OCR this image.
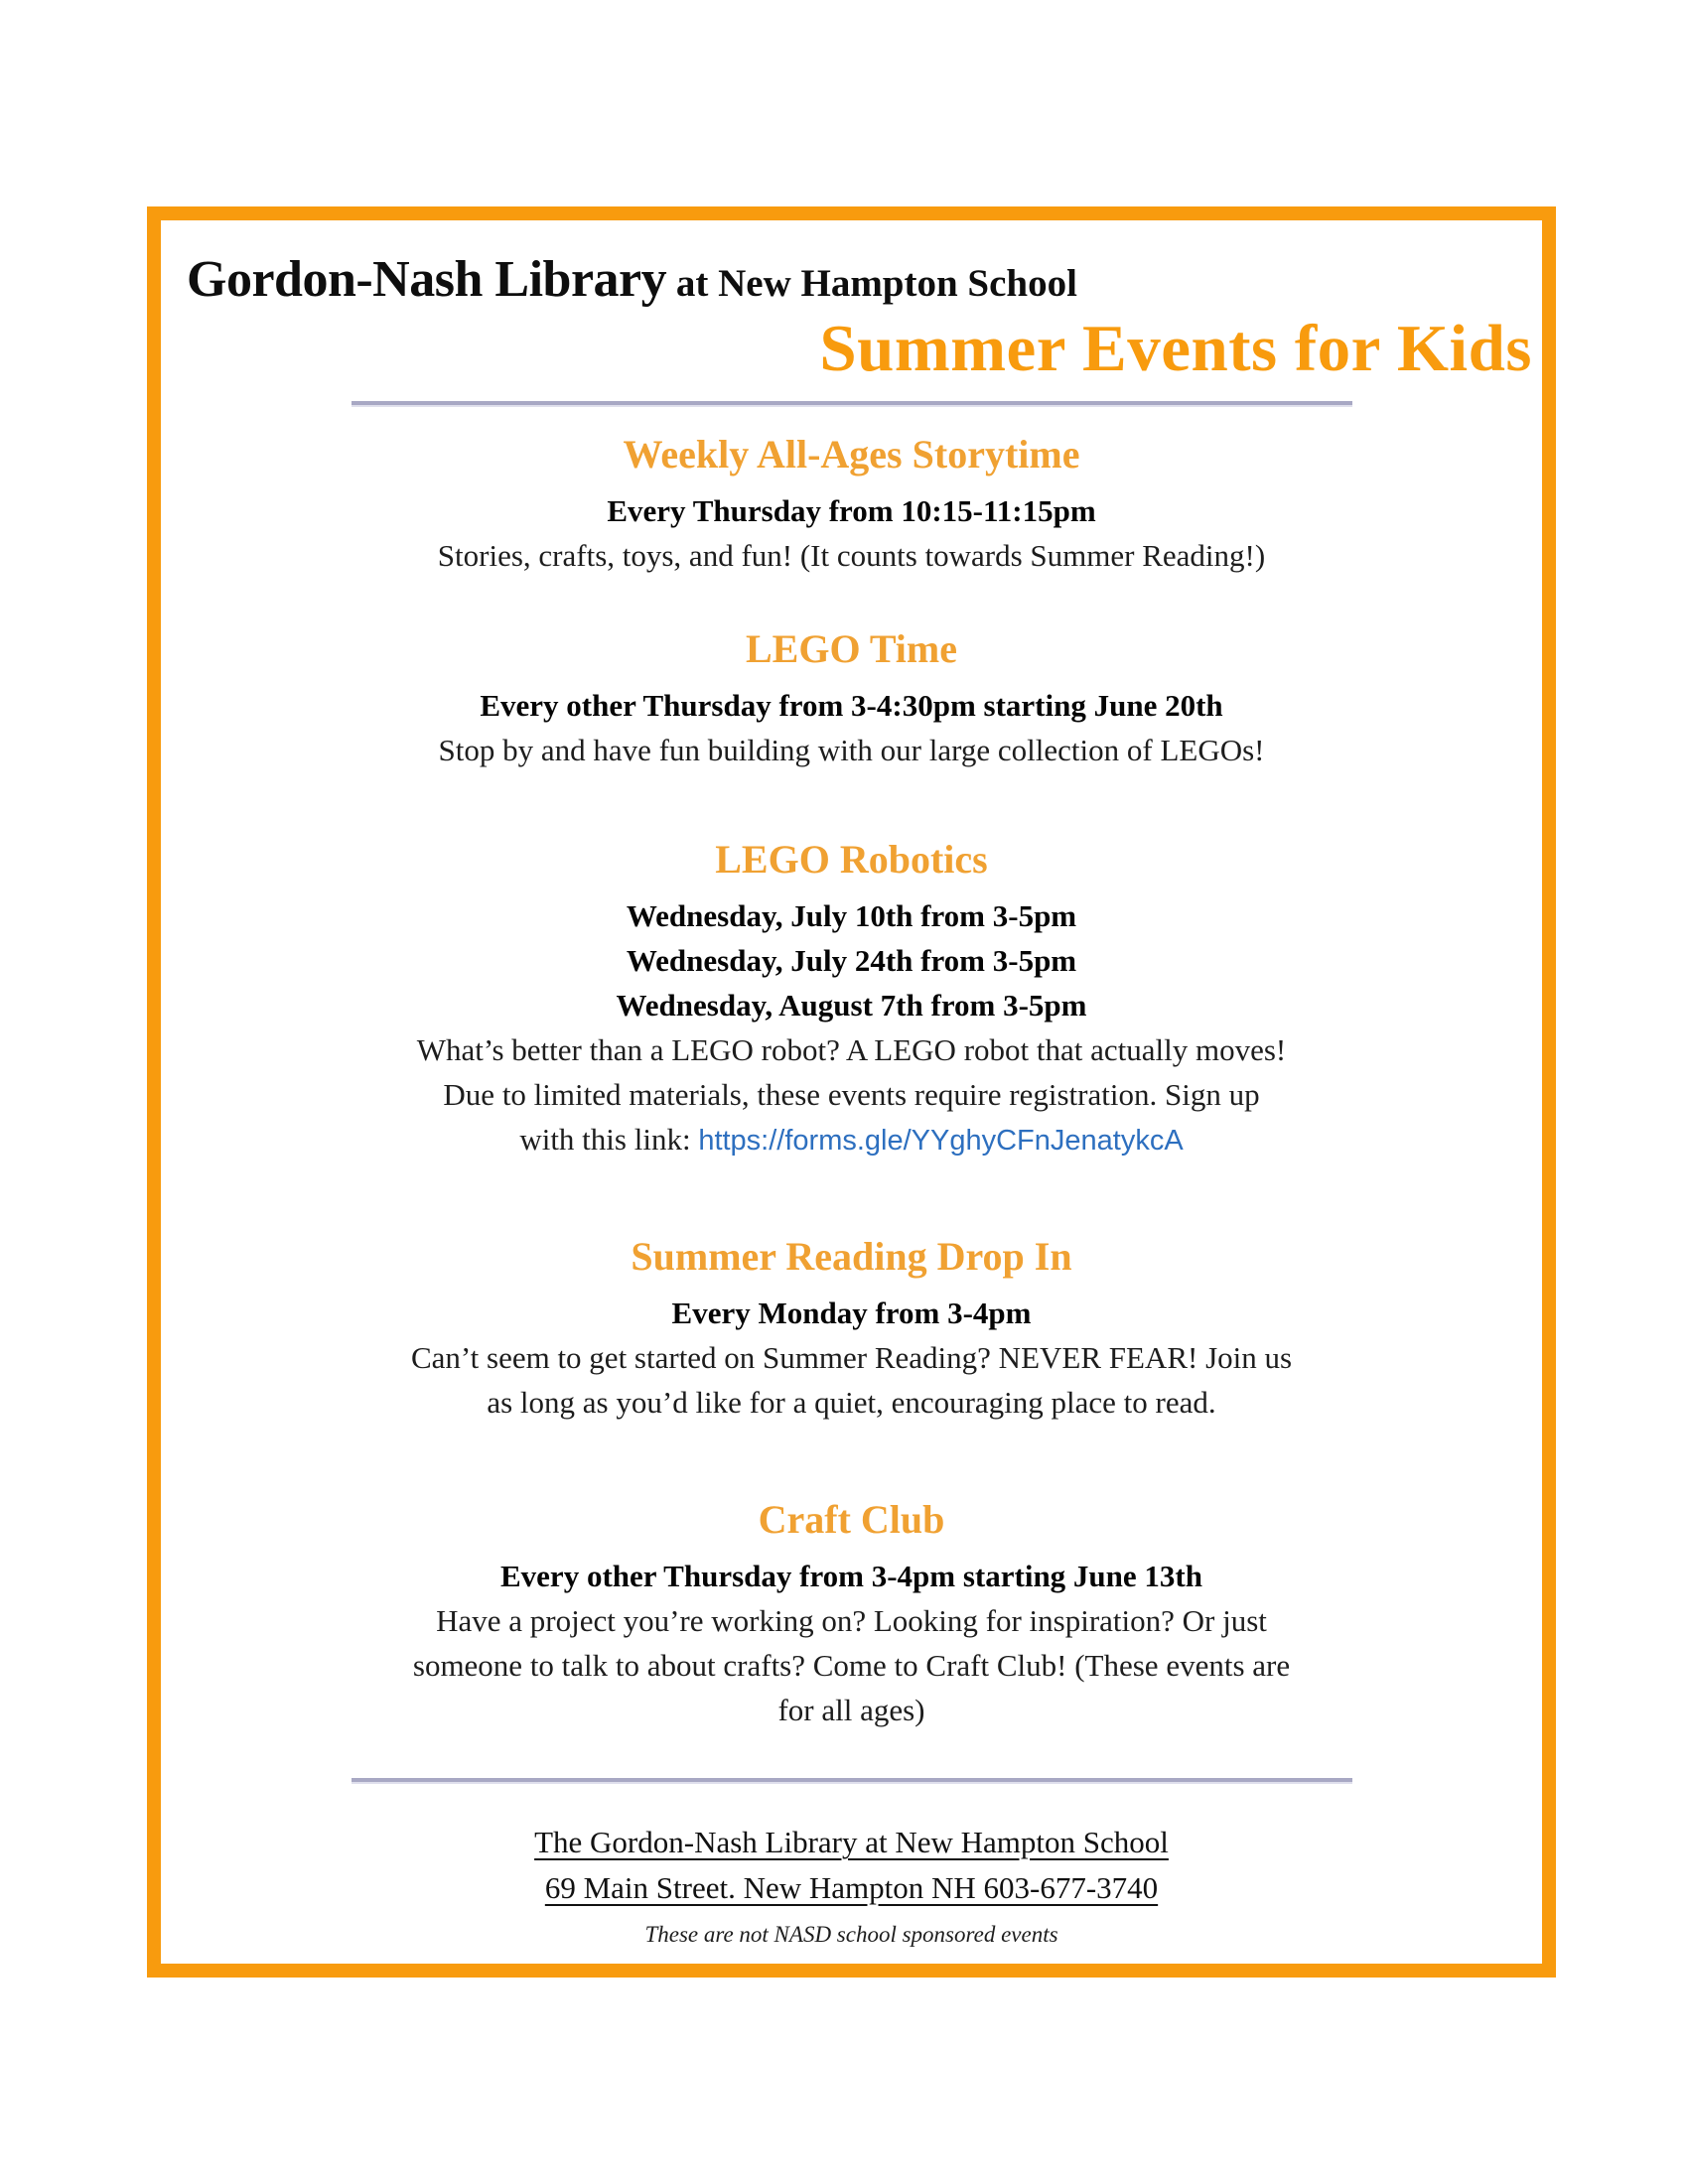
Gordon-Nash Library at New Hampton School
Summer Events for Kids
Weekly All-Ages Storytime
Every Thursday from 10:15-11:15pm
Stories, crafts, toys, and fun! (It counts towards Summer Reading!)
LEGO Time
Every other Thursday from 3-4:30pm starting June 20th
Stop by and have fun building with our large collection of LEGOs!
LEGO Robotics
Wednesday, July 10th from 3-5pm
Wednesday, July 24th from 3-5pm
Wednesday, August 7th from 3-5pm
What’s better than a LEGO robot? A LEGO robot that actually moves!
Due to limited materials, these events require registration. Sign up
with this link: https://forms.gle/YYghyCFnJenatykcA
Summer Reading Drop In
Every Monday from 3-4pm
Can’t seem to get started on Summer Reading? NEVER FEAR! Join us
as long as you’d like for a quiet, encouraging place to read.
Craft Club
Every other Thursday from 3-4pm starting June 13th
Have a project you’re working on? Looking for inspiration? Or just
someone to talk to about crafts? Come to Craft Club! (These events are
for all ages)
The Gordon-Nash Library at New Hampton School
69 Main Street. New Hampton NH 603-677-3740
These are not NASD school sponsored events
